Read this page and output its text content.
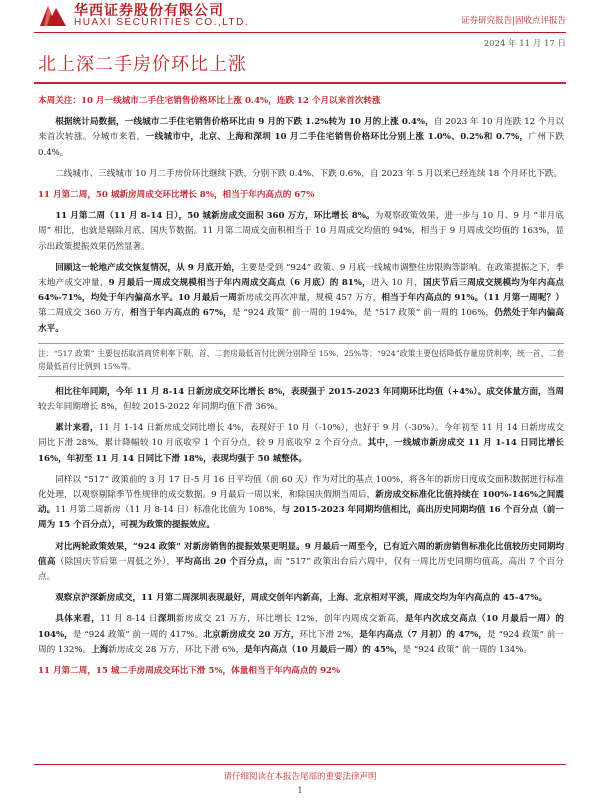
华西证券股份有限公司
HUAXI SECURITIES CO.,LTD.	证券研究报告|固收点评报告
2024 年 11 月 17 日
北上深二手房价环比上涨

本周关注：10 月一线城市二手住宅销售价格环比上涨 0.4%，连跌 12 个月以来首次转涨

根据统计局数据，一线城市二手住宅销售价格环比由 9 月的下跌 1.2%转为 10 月的上涨 0.4%，自 2023 年 10 月连跌 12 个月以来首次转涨。分城市来看，一线城市中，北京、上海和深圳 10 月二手住宅销售价格环比分别上涨 1.0%、0.2%和 0.7%，广州下跌 0.4%。

二线城市、三线城市 10 月二手房价环比继续下跌，分别下跌 0.4%、下跌 0.6%，自 2023 年 5 月以来已经连续 18 个月环比下跌。

11 月第二周，50 城新房周成交环比增长 8%，相当于年内高点的 67%

11 月第二周（11 月 8-14 日），50 城新房成交面积 360 万方，环比增长 8%。为观察政策效果，进一步与 10 月、9 月 “非月底周” 相比，也就是剔除月底、国庆节数据。11 月第二周成交面积相当于 10 月周成交均值的 94%，相当于 9 月周成交均值的 163%，显示出政策提振效果仍然显著。

回顾这一轮地产成交恢复情况，从 9 月底开始，主要是受到 “924” 政策、9 月底一线城市调整住房限购等影响。在政策提振之下，季末地产成交冲量，9 月最后一周成交规模相当于年内周成交高点（6 月底）的 81%，进入 10 月，国庆节后三周成交规模均为年内高点 64%-71%，均处于年内偏高水平。10 月最后一周新房成交再次冲量，规模 457 万方，相当于年内高点的 91%。（11 月第一周呢？）第二周成交 360 万方，相当于年内高点的 67%，是 “924 政策” 前一周的 194%，是 “517 政策” 前一周的 106%，仍然处于年内偏高水平。

注：“517 政策” 主要包括取消商贷利率下限，首、二套房最低首付比例分别降至 15%、25%等；“924”政策主要包括降低存量房贷利率，统一首、二套房最低首付比例到 15%等。

相比往年同期，今年 11 月 8-14 日新房成交环比增长 8%，表现强于 2015-2023 年同期环比均值（+4%）。成交体量方面，当周较去年同期增长 8%，但较 2015-2022 年同期均值下滑 36%。

累计来看，11 月 1-14 日新房成交同比增长 4%，表现好于 10 月（-10%），也好于 9 月（-30%）。今年初至 11 月 14 日新房成交同比下滑 28%，累计降幅较 10 月底收窄 1 个百分点，较 9 月底收窄 2 个百分点。其中，一线城市新房成交 11 月 1-14 日同比增长 16%，年初至 11 月 14 日同比下滑 18%，表现均强于 50 城整体。

同样以 “517” 政策前的 3 月 17 日-5 月 16 日平均值（前 60 天）作为对比的基点 100%，将各年的新房日度成交面积数据进行标准化处理，以观察剔除季节性规律的成交数据。9 月最后一周以来，和除国庆假期当周后，新房成交标准化比值持续在 100%-146%之间震动。11 月第二周新房（11 月 8-14 日）标准化比值为 108%，与 2015-2023 年同期均值相比，高出历史同期均值 16 个百分点（前一周为 15 个百分点），可视为政策的提振效应。

对比两轮政策效果，“924 政策” 对新房销售的提振效果更明显。9 月最后一周至今，已有近六周的新房销售标准化比值较历史同期均值高（除国庆节后第一周低之外），平均高出 20 个百分点，而 “517” 政策出台后六周中，仅有一周比历史同期均值高，高出 7 个百分点。

观察京沪深新房成交，11 月第二周深圳表现最好，周成交创年内新高，上海、北京相对平淡，周成交均为年内高点的 45-47%。

具体来看，11 月 8-14 日深圳新房成交 21 万方，环比增长 12%，创年内周成交新高，是年内次成交高点（10 月最后一周）的 104%，是 “924 政策” 前一周的 417%。北京新房成交 20 万方，环比下滑 2%，是年内高点（7 月初）的 47%，是 “924 政策” 前一周的 132%。上海新房成交 28 万方，环比下滑 6%，是年内高点（10 月最后一周）的 45%，是 “924 政策” 前一周的 134%。

11 月第二周，15 城二手房周成交环比下滑 5%，体量相当于年内高点的 92%

请仔细阅读在本报告尾部的重要法律声明
1
